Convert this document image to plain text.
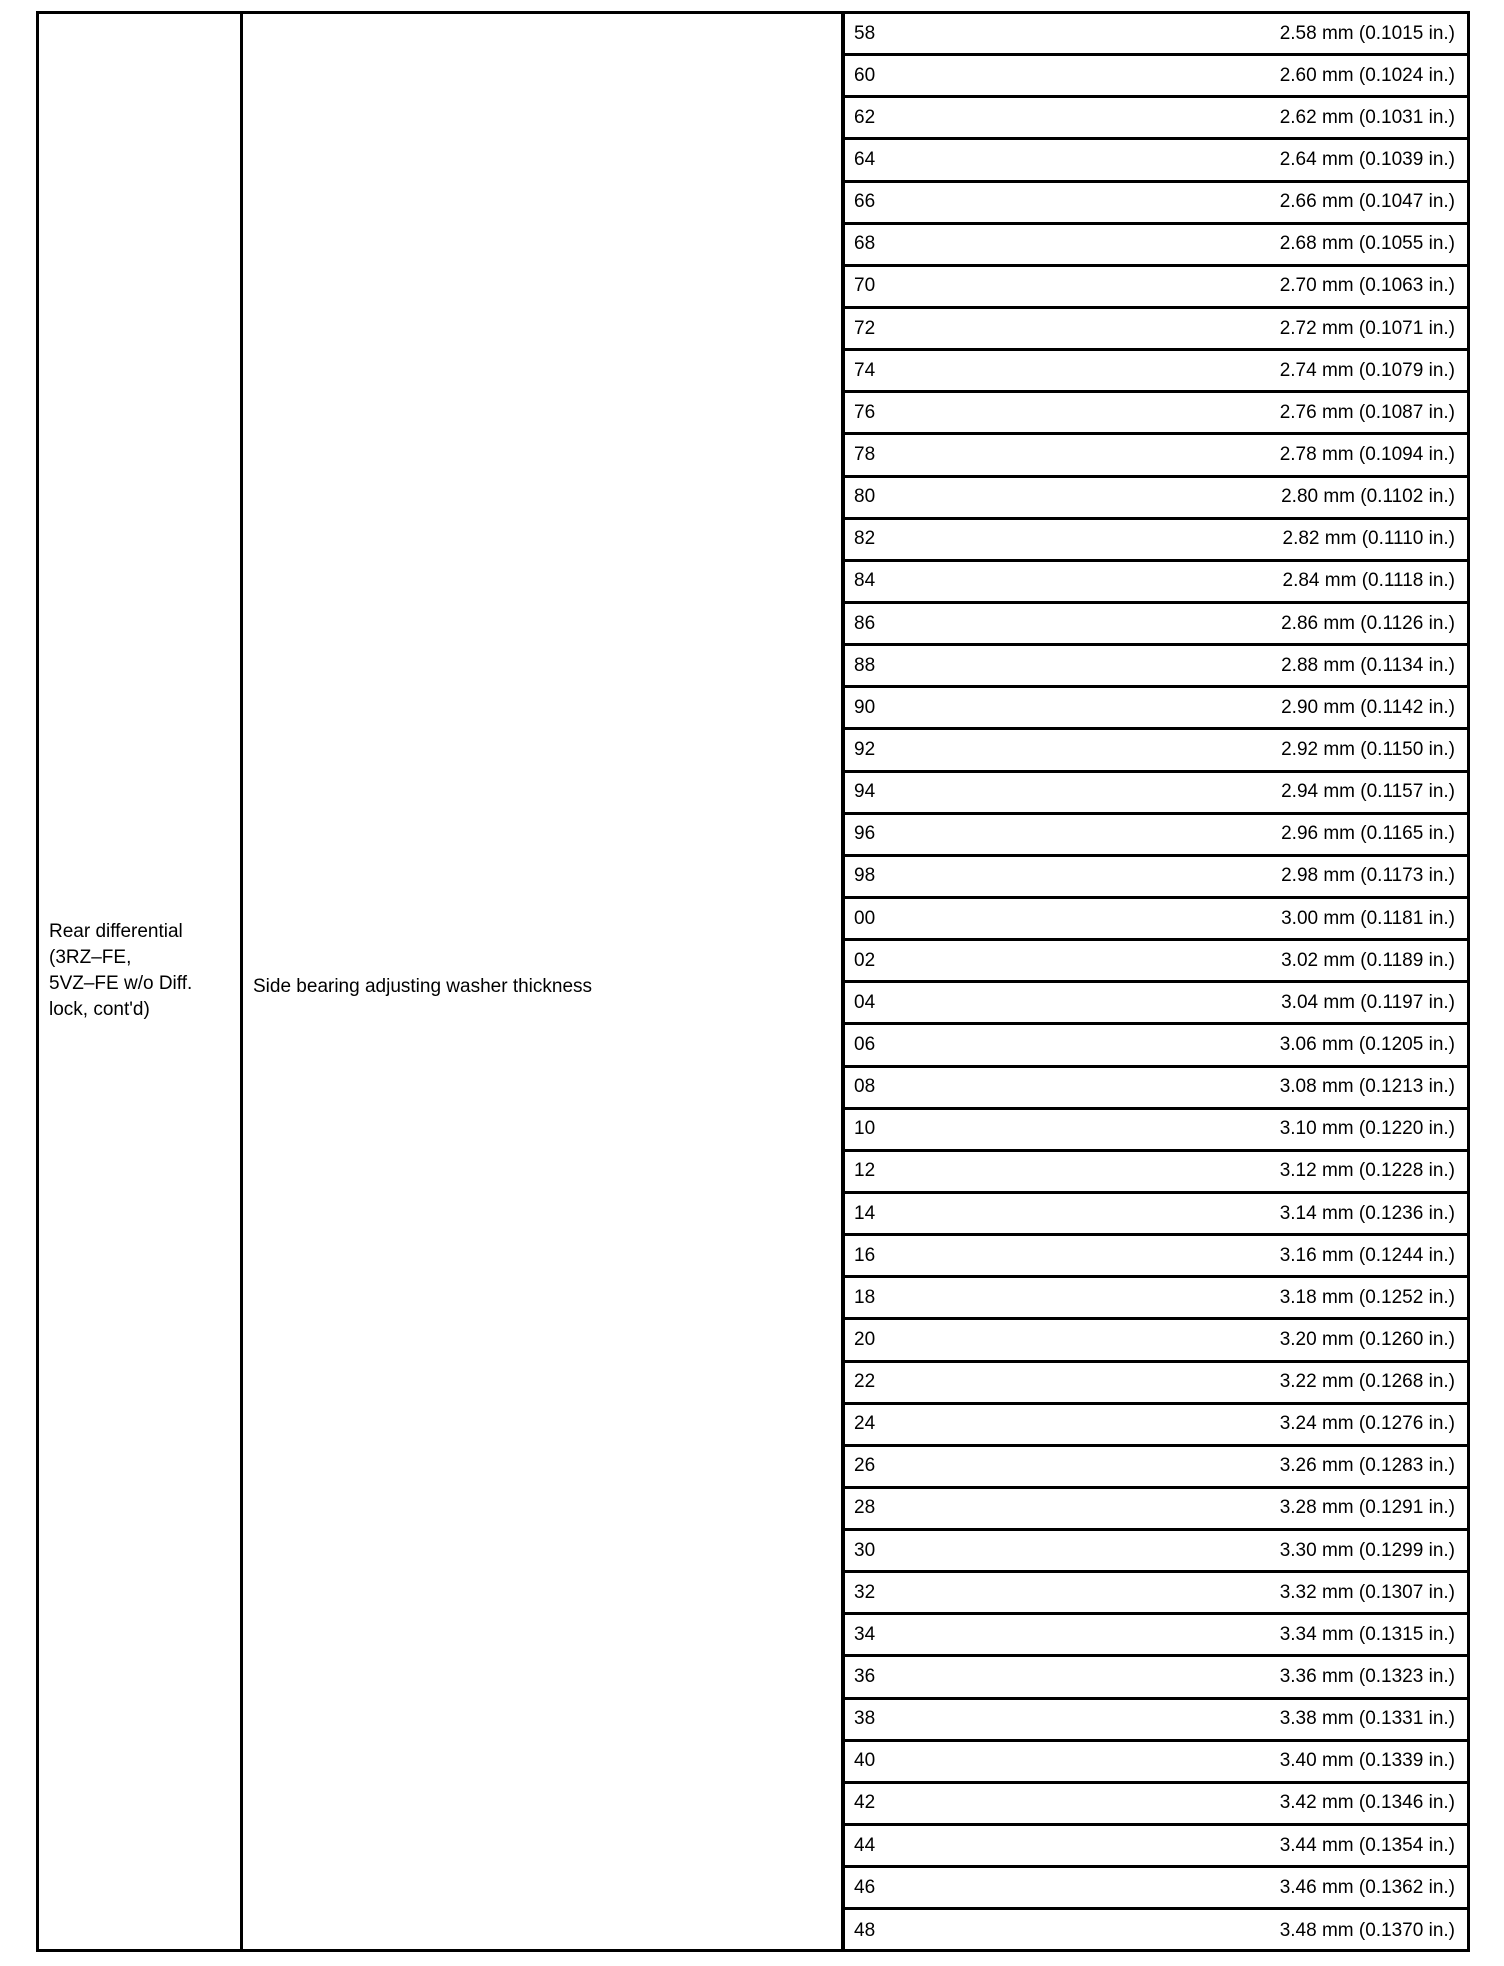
Rear differential
(3RZ–FE,
5VZ–FE w/o Diff.
lock, cont'd)
Side bearing adjusting washer thickness
58	2.58 mm (0.1015 in.)
60	2.60 mm (0.1024 in.)
62	2.62 mm (0.1031 in.)
64	2.64 mm (0.1039 in.)
66	2.66 mm (0.1047 in.)
68	2.68 mm (0.1055 in.)
70	2.70 mm (0.1063 in.)
72	2.72 mm (0.1071 in.)
74	2.74 mm (0.1079 in.)
76	2.76 mm (0.1087 in.)
78	2.78 mm (0.1094 in.)
80	2.80 mm (0.1102 in.)
82	2.82 mm (0.1110 in.)
84	2.84 mm (0.1118 in.)
86	2.86 mm (0.1126 in.)
88	2.88 mm (0.1134 in.)
90	2.90 mm (0.1142 in.)
92	2.92 mm (0.1150 in.)
94	2.94 mm (0.1157 in.)
96	2.96 mm (0.1165 in.)
98	2.98 mm (0.1173 in.)
00	3.00 mm (0.1181 in.)
02	3.02 mm (0.1189 in.)
04	3.04 mm (0.1197 in.)
06	3.06 mm (0.1205 in.)
08	3.08 mm (0.1213 in.)
10	3.10 mm (0.1220 in.)
12	3.12 mm (0.1228 in.)
14	3.14 mm (0.1236 in.)
16	3.16 mm (0.1244 in.)
18	3.18 mm (0.1252 in.)
20	3.20 mm (0.1260 in.)
22	3.22 mm (0.1268 in.)
24	3.24 mm (0.1276 in.)
26	3.26 mm (0.1283 in.)
28	3.28 mm (0.1291 in.)
30	3.30 mm (0.1299 in.)
32	3.32 mm (0.1307 in.)
34	3.34 mm (0.1315 in.)
36	3.36 mm (0.1323 in.)
38	3.38 mm (0.1331 in.)
40	3.40 mm (0.1339 in.)
42	3.42 mm (0.1346 in.)
44	3.44 mm (0.1354 in.)
46	3.46 mm (0.1362 in.)
48	3.48 mm (0.1370 in.)
